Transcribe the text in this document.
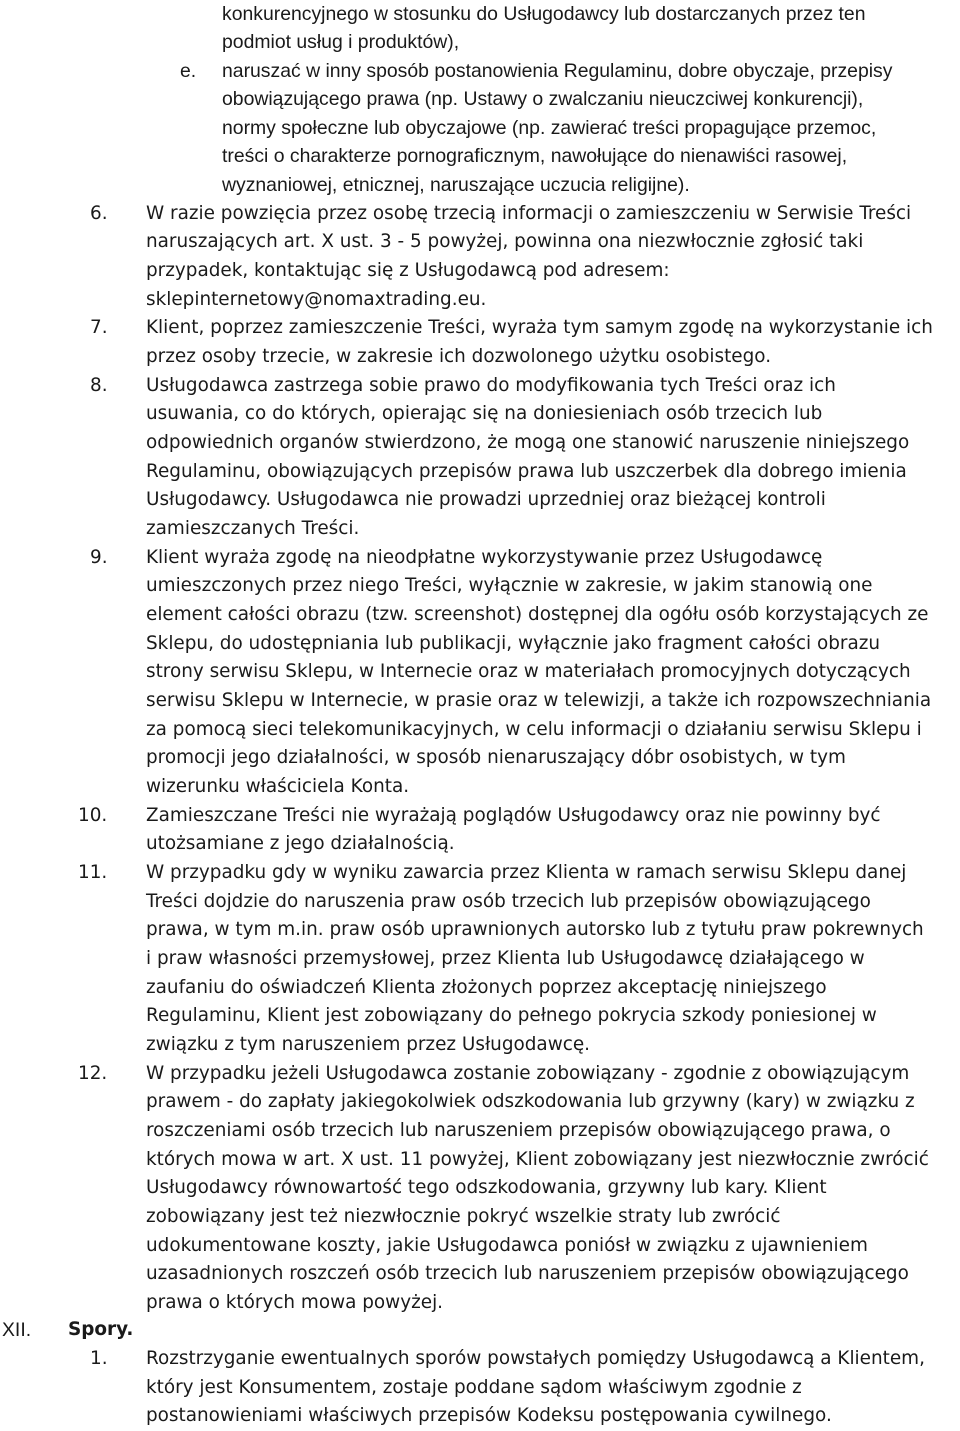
konkurencyjnego w stosunku do Usługodawcy lub dostarczanych przez ten
podmiot usług i produktów),
e. naruszać w inny sposób postanowienia Regulaminu, dobre obyczaje, przepisy
obowiązującego prawa (np. Ustawy o zwalczaniu nieuczciwej konkurencji),
normy społeczne lub obyczajowe (np. zawierać treści propagujące przemoc,
treści o charakterze pornograficznym, nawołujące do nienawiści rasowej,
wyznaniowej, etnicznej, naruszające uczucia religijne).
6. W razie powzięcia przez osobę trzecią informacji o zamieszczeniu w Serwisie Treści
naruszających art. X ust. 3 - 5 powyżej, powinna ona niezwłocznie zgłosić taki
przypadek, kontaktując się z Usługodawcą pod adresem:
sklepinternetowy@nomaxtrading.eu.
7. Klient, poprzez zamieszczenie Treści, wyraża tym samym zgodę na wykorzystanie ich
przez osoby trzecie, w zakresie ich dozwolonego użytku osobistego.
8. Usługodawca zastrzega sobie prawo do modyfikowania tych Treści oraz ich
usuwania, co do których, opierając się na doniesieniach osób trzecich lub
odpowiednich organów stwierdzono, że mogą one stanowić naruszenie niniejszego
Regulaminu, obowiązujących przepisów prawa lub uszczerbek dla dobrego imienia
Usługodawcy. Usługodawca nie prowadzi uprzedniej oraz bieżącej kontroli
zamieszczanych Treści.
9. Klient wyraża zgodę na nieodpłatne wykorzystywanie przez Usługodawcę
umieszczonych przez niego Treści, wyłącznie w zakresie, w jakim stanowią one
element całości obrazu (tzw. screenshot) dostępnej dla ogółu osób korzystających ze
Sklepu, do udostępniania lub publikacji, wyłącznie jako fragment całości obrazu
strony serwisu Sklepu, w Internecie oraz w materiałach promocyjnych dotyczących
serwisu Sklepu w Internecie, w prasie oraz w telewizji, a także ich rozpowszechniania
za pomocą sieci telekomunikacyjnych, w celu informacji o działaniu serwisu Sklepu i
promocji jego działalności, w sposób nienaruszający dóbr osobistych, w tym
wizerunku właściciela Konta.
10. Zamieszczane Treści nie wyrażają poglądów Usługodawcy oraz nie powinny być
utożsamiane z jego działalnością.
11. W przypadku gdy w wyniku zawarcia przez Klienta w ramach serwisu Sklepu danej
Treści dojdzie do naruszenia praw osób trzecich lub przepisów obowiązującego
prawa, w tym m.in. praw osób uprawnionych autorsko lub z tytułu praw pokrewnych
i praw własności przemysłowej, przez Klienta lub Usługodawcę działającego w
zaufaniu do oświadczeń Klienta złożonych poprzez akceptację niniejszego
Regulaminu, Klient jest zobowiązany do pełnego pokrycia szkody poniesionej w
związku z tym naruszeniem przez Usługodawcę.
12. W przypadku jeżeli Usługodawca zostanie zobowiązany - zgodnie z obowiązującym
prawem - do zapłaty jakiegokolwiek odszkodowania lub grzywny (kary) w związku z
roszczeniami osób trzecich lub naruszeniem przepisów obowiązującego prawa, o
których mowa w art. X ust. 11 powyżej, Klient zobowiązany jest niezwłocznie zwrócić
Usługodawcy równowartość tego odszkodowania, grzywny lub kary. Klient
zobowiązany jest też niezwłocznie pokryć wszelkie straty lub zwrócić
udokumentowane koszty, jakie Usługodawca poniósł w związku z ujawnieniem
uzasadnionych roszczeń osób trzecich lub naruszeniem przepisów obowiązującego
prawa o których mowa powyżej.
XII. Spory.
1. Rozstrzyganie ewentualnych sporów powstałych pomiędzy Usługodawcą a Klientem,
który jest Konsumentem, zostaje poddane sądom właściwym zgodnie z
postanowieniami właściwych przepisów Kodeksu postępowania cywilnego.
